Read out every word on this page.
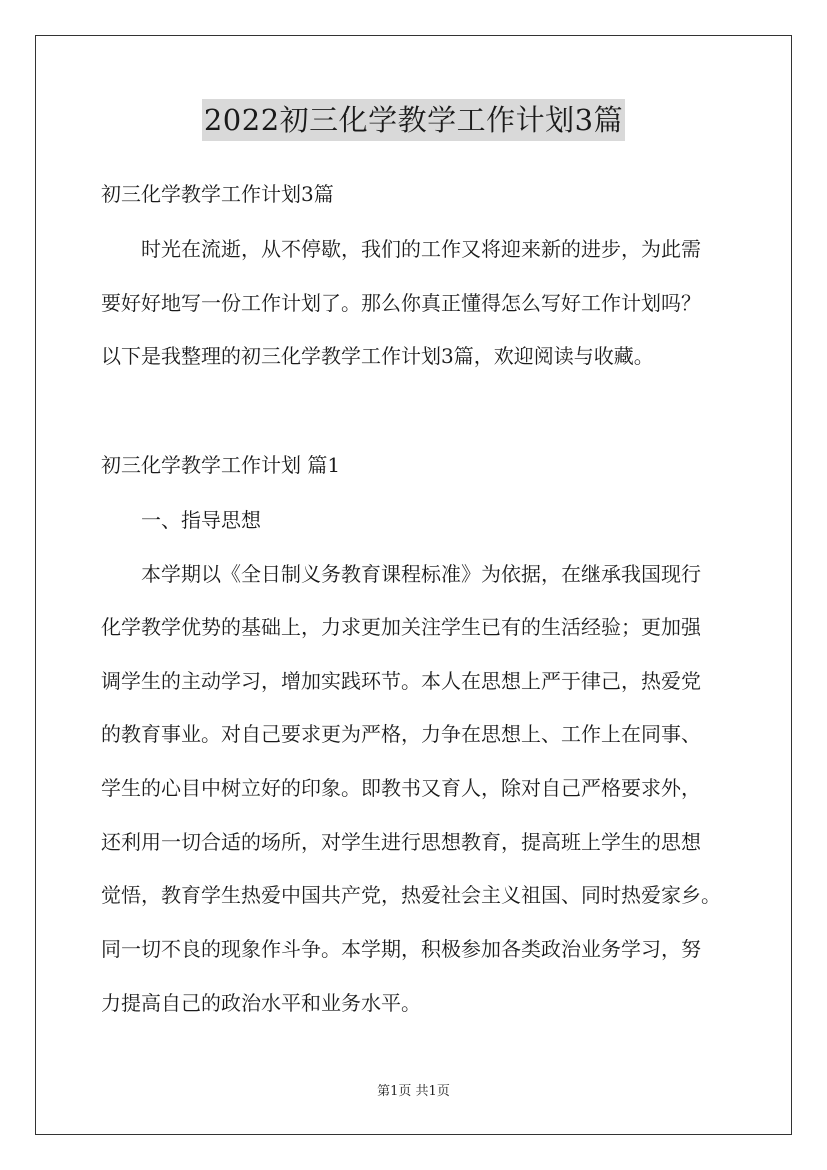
2022初三化学教学工作计划3篇
初三化学教学工作计划3篇
时光在流逝，从不停歇，我们的工作又将迎来新的进步，为此需
要好好地写一份工作计划了。那么你真正懂得怎么写好工作计划吗？
以下是我整理的初三化学教学工作计划3篇，欢迎阅读与收藏。
初三化学教学工作计划 篇1
一、指导思想
本学期以《全日制义务教育课程标准》为依据，在继承我国现行
化学教学优势的基础上，力求更加关注学生已有的生活经验；更加强
调学生的主动学习，增加实践环节。本人在思想上严于律己，热爱党
的教育事业。对自己要求更为严格，力争在思想上、工作上在同事、
学生的心目中树立好的印象。即教书又育人，除对自己严格要求外，
还利用一切合适的场所，对学生进行思想教育，提高班上学生的思想
觉悟，教育学生热爱中国共产党，热爱社会主义祖国、同时热爱家乡。
同一切不良的现象作斗争。本学期，积极参加各类政治业务学习，努
力提高自己的政治水平和业务水平。
第1页 共1页
